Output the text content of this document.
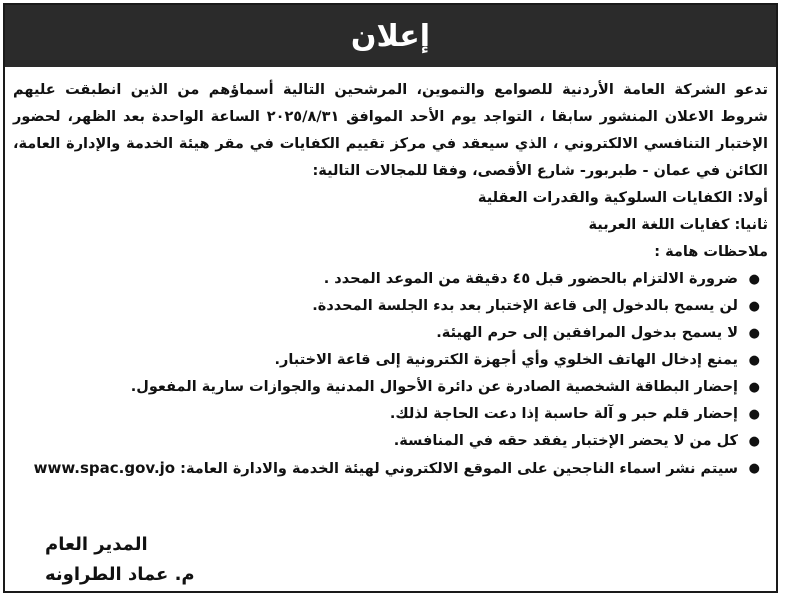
إعلان

تدعو الشركة العامة الأردنية للصوامع والتموين، المرشحين التالية أسماؤهم من الذين انطبقت عليهم شروط الاعلان المنشور سابقا ، التواجد يوم الأحد الموافق ٢٠٢٥/٨/٣١ الساعة الواحدة بعد الظهر، لحضور الإختبار التنافسي الالكتروني ، الذي سيعقد في مركز تقييم الكفايات في مقر هيئة الخدمة والإدارة العامة، الكائن في عمان - طبربور- شارع الأقصى، وفقا للمجالات التالية:

أولا: الكفايات السلوكية والقدرات العقلية

ثانيا: كفايات اللغة العربية

ملاحظات هامة :

●
ضرورة الالتزام بالحضور قبل ٤٥ دقيقة من الموعد المحدد .
●
لن يسمح بالدخول إلى قاعة الإختبار بعد بدء الجلسة المحددة.
●
لا يسمح بدخول المرافقين إلى حرم الهيئة.
●
يمنع إدخال الهاتف الخلوي وأي أجهزة الكترونية إلى قاعة الاختبار.
●
إحضار البطاقة الشخصية الصادرة عن دائرة الأحوال المدنية والجوازات سارية المفعول.
●
إحضار قلم حبر و آلة حاسبة إذا دعت الحاجة لذلك.
●
كل من لا يحضر الإختبار يفقد حقه في المنافسة.
●
سيتم نشر اسماء الناجحين على الموقع الالكتروني لهيئة الخدمة والادارة العامة: www.spac.gov.jo
المدير العام
م. عماد الطراونه
